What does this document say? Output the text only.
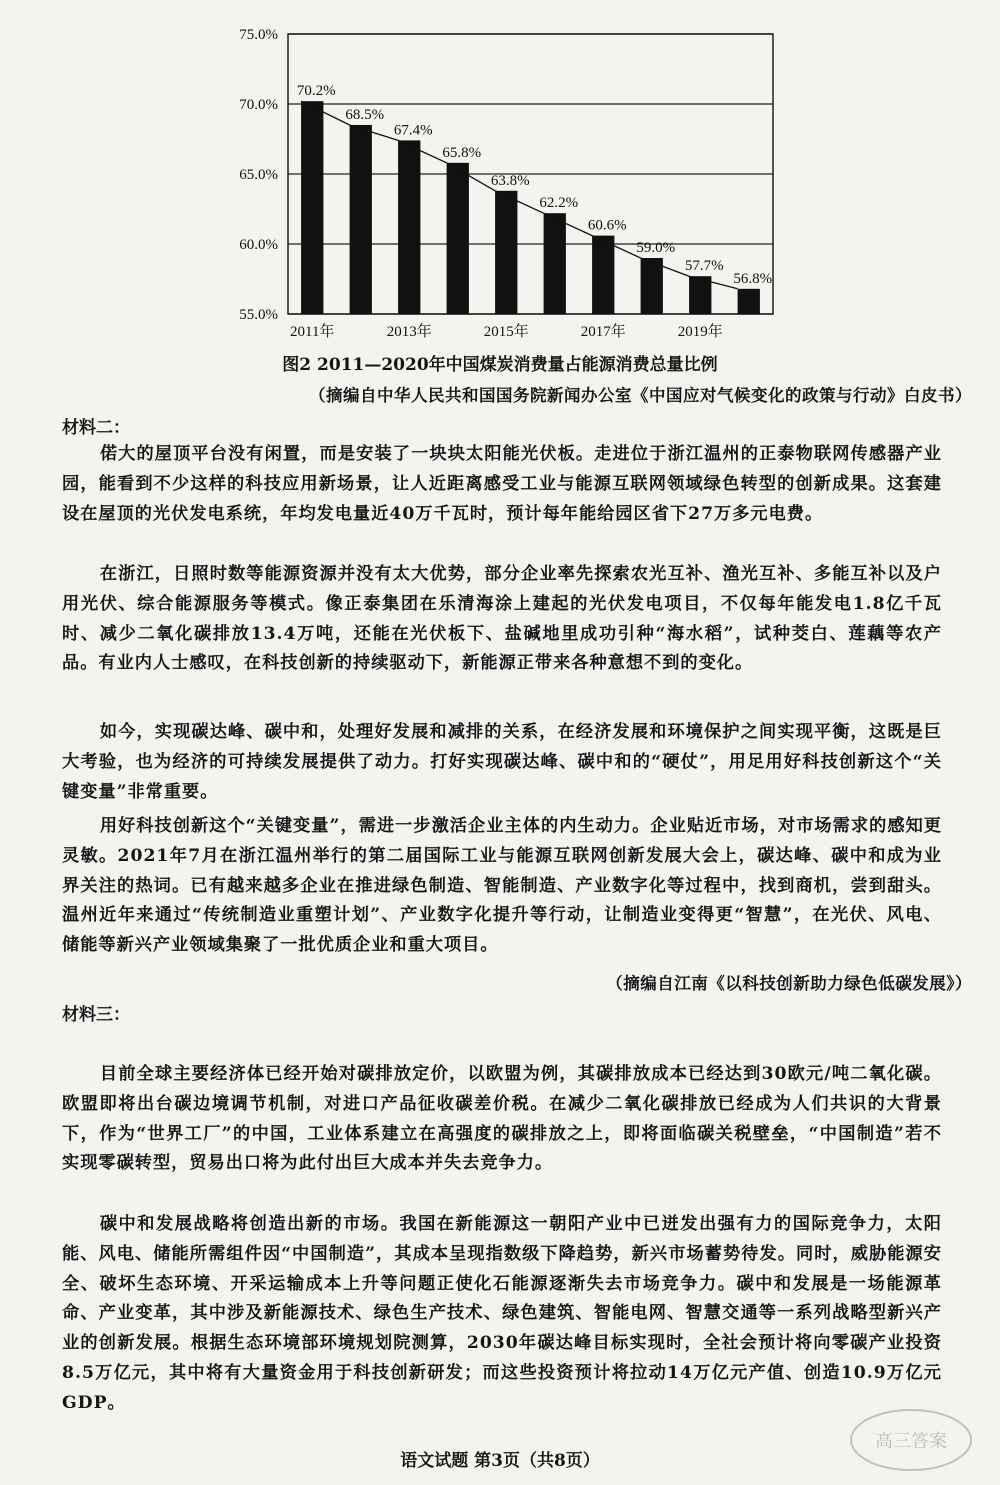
75.0%
70.0%
65.0%
60.0%
55.0%
2011年	2013年	2015年	2017年	2019年
70.2%
68.5%
67.4%
65.8%
63.8%
62.2%
60.6%
59.0%
57.7%
56.8%
图2 2011—2020年中国煤炭消费量占能源消费总量比例
（摘编自中华人民共和国国务院新闻办公室《中国应对气候变化的政策与行动》白皮书）
材料二：

偌大的屋顶平台没有闲置，而是安装了一块块太阳能光伏板。走进位于浙江温州的正泰物联网传感器产业园，能看到不少这样的科技应用新场景，让人近距离感受工业与能源互联网领域绿色转型的创新成果。这套建设在屋顶的光伏发电系统，年均发电量近40万千瓦时，预计每年能给园区省下27万多元电费。

在浙江，日照时数等能源资源并没有太大优势，部分企业率先探索农光互补、渔光互补、多能互补以及户用光伏、综合能源服务等模式。像正泰集团在乐清海涂上建起的光伏发电项目，不仅每年能发电1.8亿千瓦时、减少二氧化碳排放13.4万吨，还能在光伏板下、盐碱地里成功引种“海水稻”，试种茭白、莲藕等农产品。有业内人士感叹，在科技创新的持续驱动下，新能源正带来各种意想不到的变化。

如今，实现碳达峰、碳中和，处理好发展和减排的关系，在经济发展和环境保护之间实现平衡，这既是巨大考验，也为经济的可持续发展提供了动力。打好实现碳达峰、碳中和的“硬仗”，用足用好科技创新这个“关键变量”非常重要。

用好科技创新这个“关键变量”，需进一步激活企业主体的内生动力。企业贴近市场，对市场需求的感知更灵敏。2021年7月在浙江温州举行的第二届国际工业与能源互联网创新发展大会上，碳达峰、碳中和成为业界关注的热词。已有越来越多企业在推进绿色制造、智能制造、产业数字化等过程中，找到商机，尝到甜头。温州近年来通过“传统制造业重塑计划”、产业数字化提升等行动，让制造业变得更“智慧”，在光伏、风电、储能等新兴产业领域集聚了一批优质企业和重大项目。

（摘编自江南《以科技创新助力绿色低碳发展》）
材料三：

目前全球主要经济体已经开始对碳排放定价，以欧盟为例，其碳排放成本已经达到30欧元/吨二氧化碳。欧盟即将出台碳边境调节机制，对进口产品征收碳差价税。在减少二氧化碳排放已经成为人们共识的大背景下，作为“世界工厂”的中国，工业体系建立在高强度的碳排放之上，即将面临碳关税壁垒，“中国制造”若不实现零碳转型，贸易出口将为此付出巨大成本并失去竞争力。

碳中和发展战略将创造出新的市场。我国在新能源这一朝阳产业中已迸发出强有力的国际竞争力，太阳能、风电、储能所需组件因“中国制造”，其成本呈现指数级下降趋势，新兴市场蓄势待发。同时，威胁能源安全、破坏生态环境、开采运输成本上升等问题正使化石能源逐渐失去市场竞争力。碳中和发展是一场能源革命、产业变革，其中涉及新能源技术、绿色生产技术、绿色建筑、智能电网、智慧交通等一系列战略型新兴产业的创新发展。根据生态环境部环境规划院测算，2030年碳达峰目标实现时，全社会预计将向零碳产业投资8.5万亿元，其中将有大量资金用于科技创新研发；而这些投资预计将拉动14万亿元产值、创造10.9万亿元GDP。

语文试题 第3页（共8页）
高三答案
